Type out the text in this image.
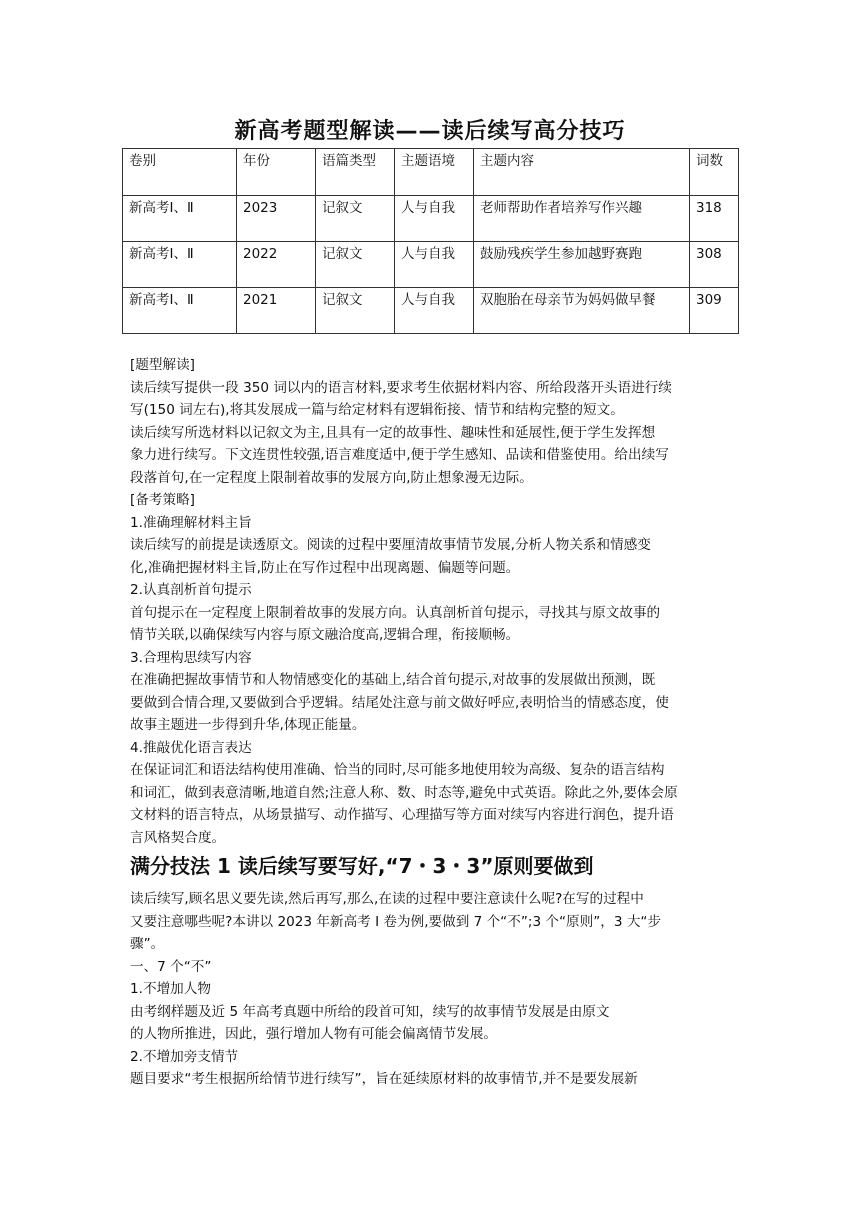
新高考题型解读——读后续写高分技巧
卷别	年份	语篇类型	主题语境	主题内容	词数
新高考Ⅰ、Ⅱ	2023	记叙文	人与自我	老师帮助作者培养写作兴趣	318
新高考Ⅰ、Ⅱ	2022	记叙文	人与自我	鼓励残疾学生参加越野赛跑	308
新高考Ⅰ、Ⅱ	2021	记叙文	人与自我	双胞胎在母亲节为妈妈做早餐	309

[题型解读]

读后续写提供一段 350 词以内的语言材料,要求考生依据材料内容、所给段落开头语进行续

写(150 词左右),将其发展成一篇与给定材料有逻辑衔接、情节和结构完整的短文。

读后续写所选材料以记叙文为主,且具有一定的故事性、趣味性和延展性,便于学生发挥想

象力进行续写。下文连贯性较强,语言难度适中,便于学生感知、品读和借鉴使用。给出续写

段落首句,在一定程度上限制着故事的发展方向,防止想象漫无边际。

[备考策略]

1.准确理解材料主旨

读后续写的前提是读透原文。阅读的过程中要厘清故事情节发展,分析人物关系和情感变

化,准确把握材料主旨,防止在写作过程中出现离题、偏题等问题。

2.认真剖析首句提示

首句提示在一定程度上限制着故事的发展方向。认真剖析首句提示，寻找其与原文故事的

情节关联,以确保续写内容与原文融洽度高,逻辑合理，衔接顺畅。

3.合理构思续写内容

在准确把握故事情节和人物情感变化的基础上,结合首句提示,对故事的发展做出预测，既

要做到合情合理,又要做到合乎逻辑。结尾处注意与前文做好呼应,表明恰当的情感态度，使

故事主题进一步得到升华,体现正能量。

4.推敲优化语言表达

在保证词汇和语法结构使用准确、恰当的同时,尽可能多地使用较为高级、复杂的语言结构

和词汇，做到表意清晰,地道自然;注意人称、数、时态等,避免中式英语。除此之外,要体会原

文材料的语言特点，从场景描写、动作描写、心理描写等方面对续写内容进行润色，提升语

言风格契合度。

满分技法 1 读后续写要写好,“7・3・3”原则要做到

读后续写,顾名思义要先读,然后再写,那么,在读的过程中要注意读什么呢?在写的过程中

又要注意哪些呢?本讲以 2023 年新高考 I 卷为例,要做到 7 个“不”;3 个“原则”，3 大“步

骤”。

一、7 个“不”

1.不增加人物

由考纲样题及近 5 年高考真题中所给的段首可知，续写的故事情节发展是由原文

的人物所推进，因此，强行增加人物有可能会偏离情节发展。

2.不增加旁支情节

题目要求“考生根据所给情节进行续写”，旨在延续原材料的故事情节,并不是要发展新
